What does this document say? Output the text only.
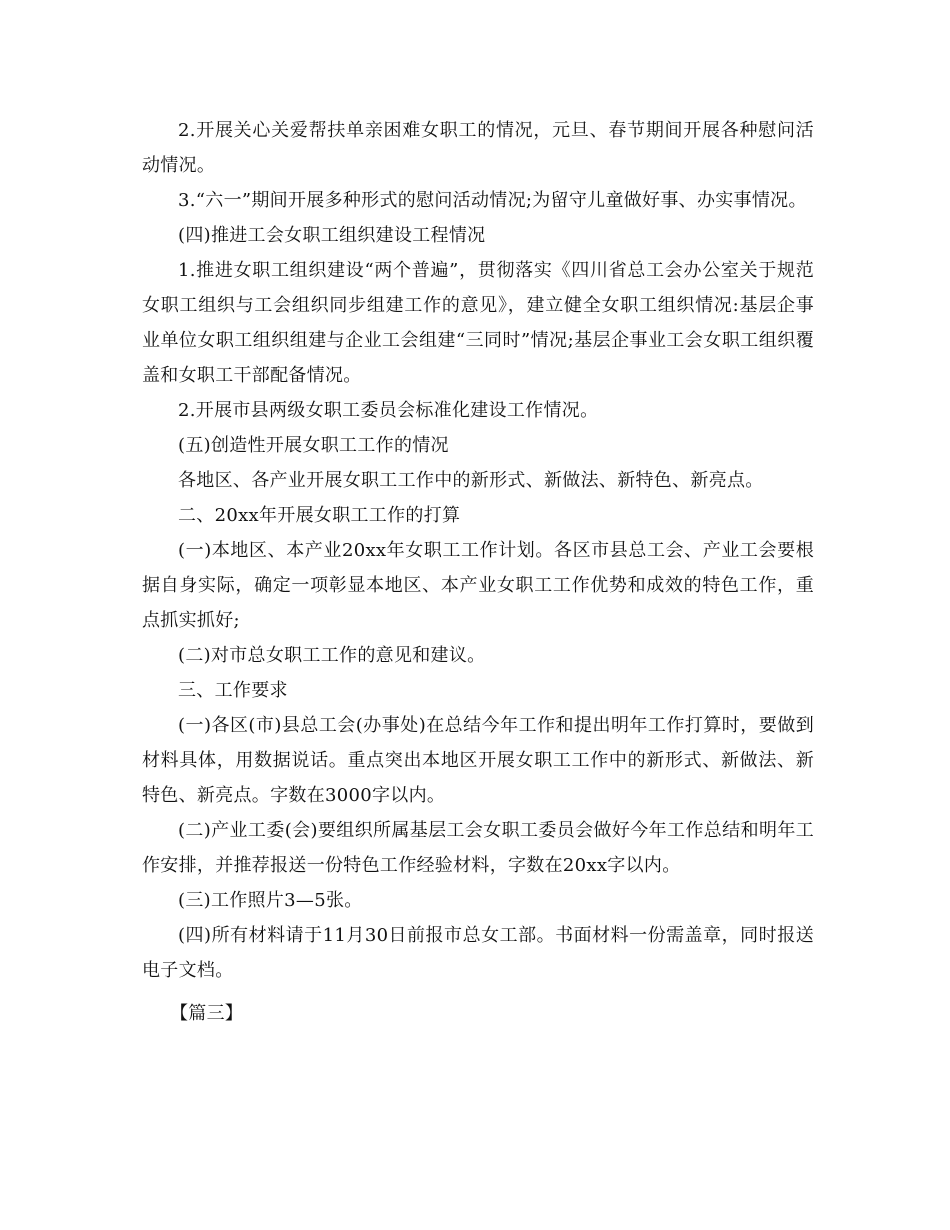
2.开展关心关爱帮扶单亲困难女职工的情况，元旦、春节期间开展各种慰问活动情况。

3.“六一”期间开展多种形式的慰问活动情况;为留守儿童做好事、办实事情况。

(四)推进工会女职工组织建设工程情况

1.推进女职工组织建设“两个普遍”，贯彻落实《四川省总工会办公室关于规范女职工组织与工会组织同步组建工作的意见》，建立健全女职工组织情况:基层企事业单位女职工组织组建与企业工会组建“三同时”情况;基层企事业工会女职工组织覆盖和女职工干部配备情况。

2.开展市县两级女职工委员会标准化建设工作情况。

(五)创造性开展女职工工作的情况

各地区、各产业开展女职工工作中的新形式、新做法、新特色、新亮点。

二、20xx年开展女职工工作的打算

(一)本地区、本产业20xx年女职工工作计划。各区市县总工会、产业工会要根据自身实际，确定一项彰显本地区、本产业女职工工作优势和成效的特色工作，重点抓实抓好;

(二)对市总女职工工作的意见和建议。

三、工作要求

(一)各区(市)县总工会(办事处)在总结今年工作和提出明年工作打算时，要做到材料具体，用数据说话。重点突出本地区开展女职工工作中的新形式、新做法、新特色、新亮点。字数在3000字以内。

(二)产业工委(会)要组织所属基层工会女职工委员会做好今年工作总结和明年工作安排，并推荐报送一份特色工作经验材料，字数在20xx字以内。

(三)工作照片3—5张。

(四)所有材料请于11月30日前报市总女工部。书面材料一份需盖章，同时报送电子文档。

【篇三】
